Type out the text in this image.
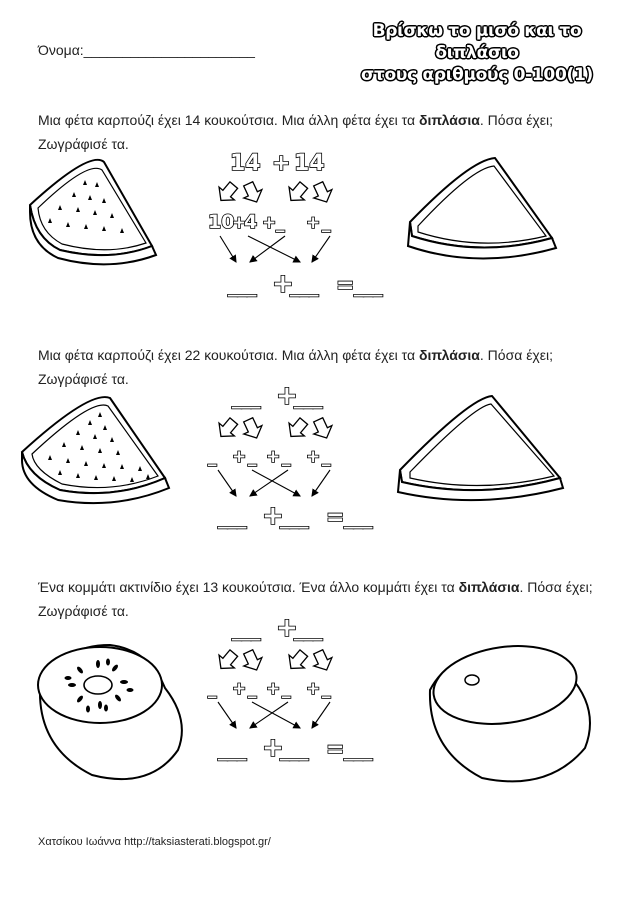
Όνομα:______________________
Βρίσκω το μισό και το διπλάσιο
στους αριθμούς 0-100(1)
Μια φέτα καρπούζι έχει 14 κουκούτσια. Μια άλλη φέτα έχει τα διπλάσια. Πόσα έχει; Ζωγράφισέ τα.
Μια φέτα καρπούζι έχει 22 κουκούτσια. Μια άλλη φέτα έχει τα διπλάσια. Πόσα έχει; Ζωγράφισέ τα.
Ένα κομμάτι ακτινίδιο έχει 13 κουκούτσια. Ένα άλλο κομμάτι έχει τα διπλάσια. Πόσα έχει; Ζωγράφισέ τα.
14 + 14
10
+
4 + _ + _
___ +
___ = ___
___ +
___
_ + _ + _ + _
___ +
___ = ___
___ +
___
_ + _ + _ + _
___ +
___ = ___
Χατσίκου Ιωάννα http://taksiasterati.blogspot.gr/
